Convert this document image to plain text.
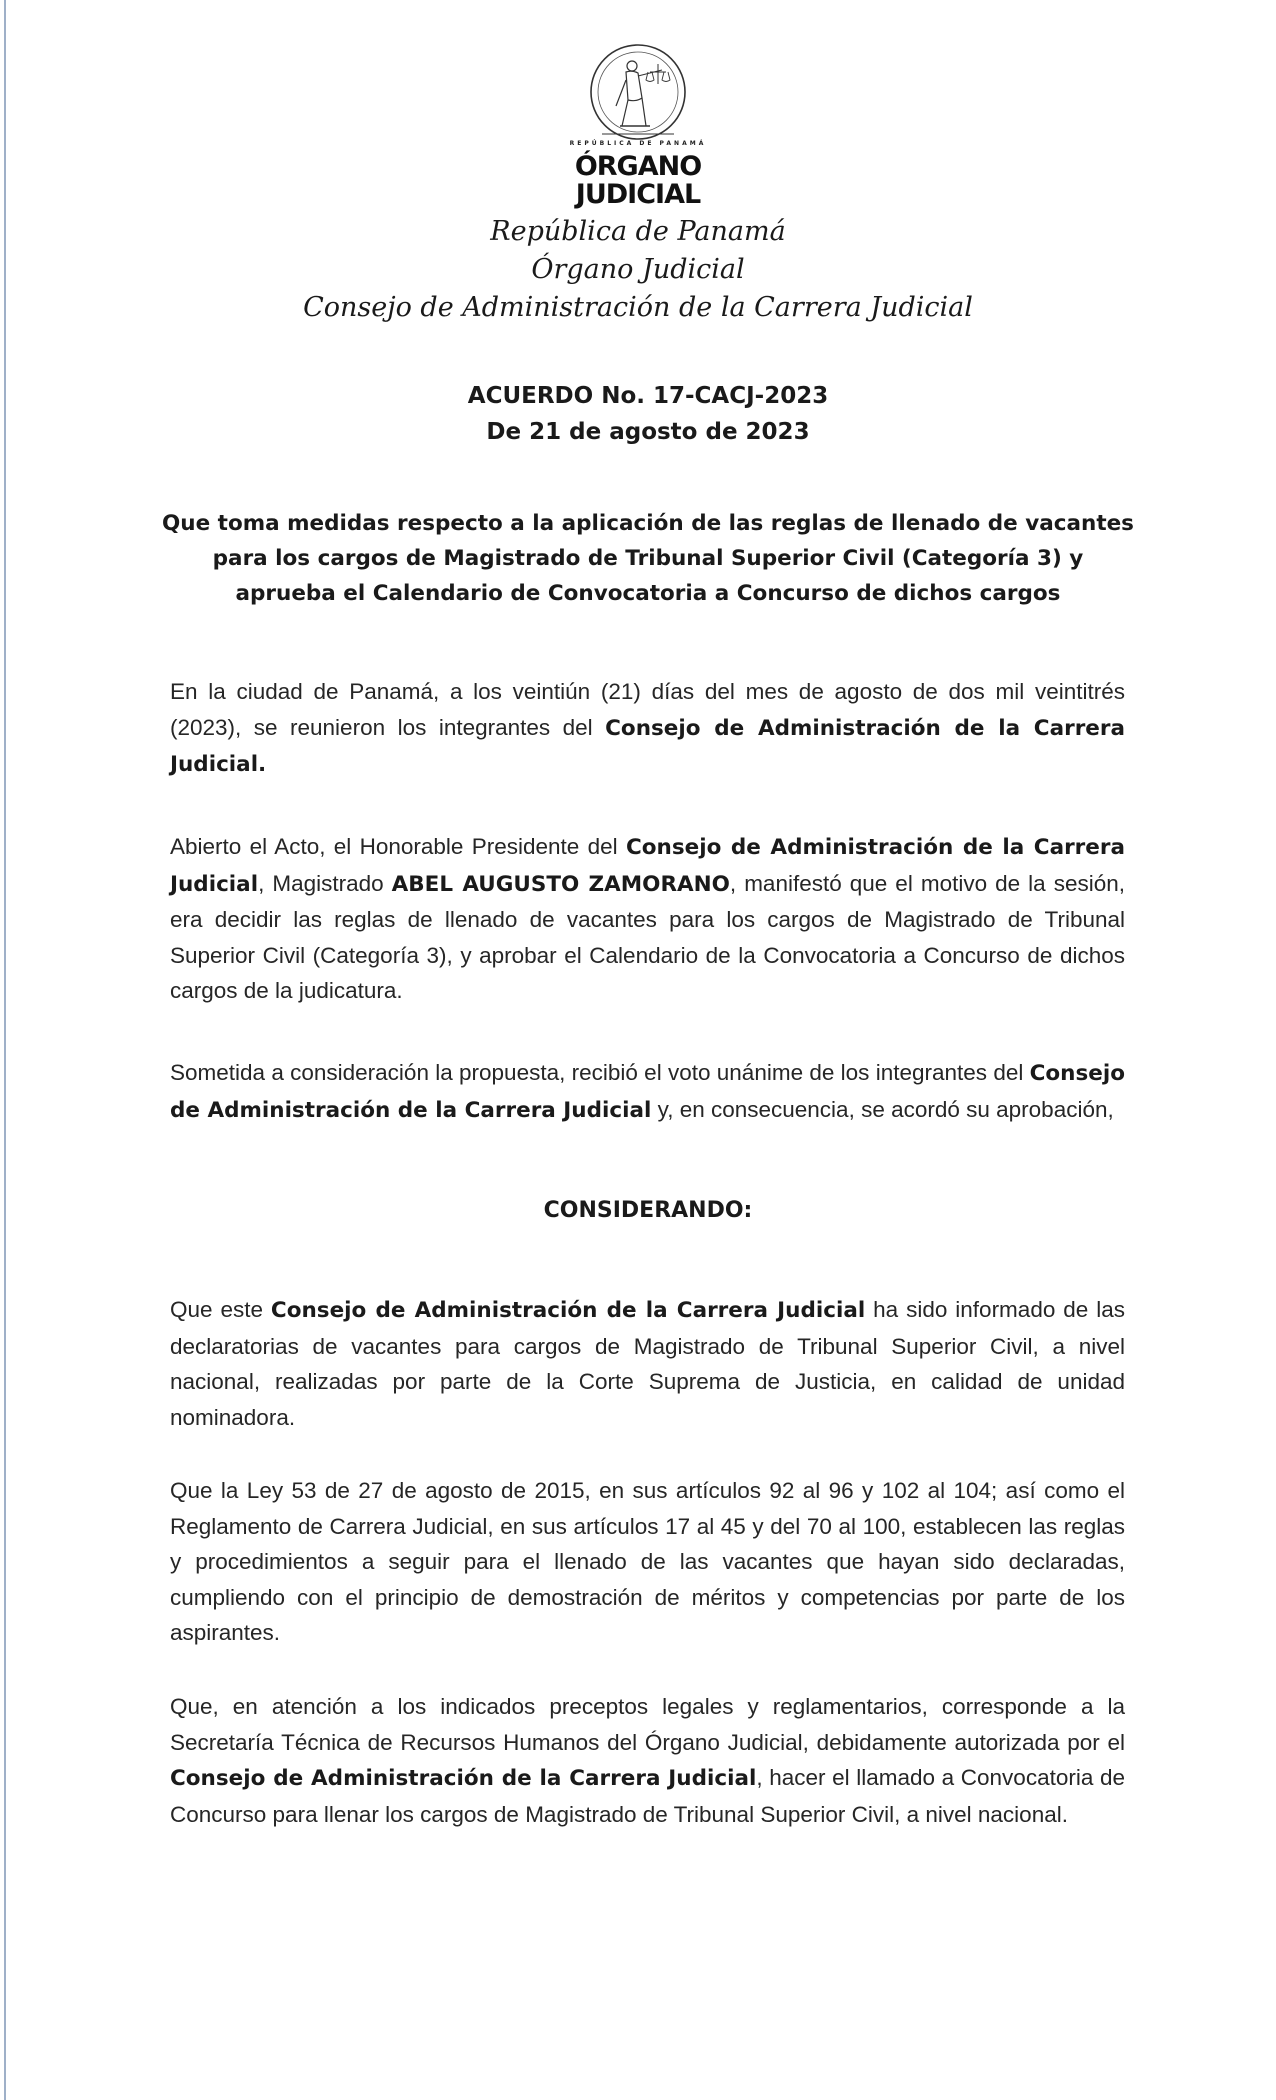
REPÚBLICA DE PANAMÁ
ÓRGANO
JUDICIAL
República de Panamá
Órgano Judicial
Consejo de Administración de la Carrera Judicial
ACUERDO No. 17-CACJ-2023
De 21 de agosto de 2023
Que toma medidas respecto a la aplicación de las reglas de llenado de vacantes
para los cargos de Magistrado de Tribunal Superior Civil (Categoría 3) y
aprueba el Calendario de Convocatoria a Concurso de dichos cargos
En la ciudad de Panamá, a los veintiún (21) días del mes de agosto de dos mil veintitrés (2023), se reunieron los integrantes del Consejo de Administración de la Carrera Judicial.
Abierto el Acto, el Honorable Presidente del Consejo de Administración de la Carrera Judicial, Magistrado ABEL AUGUSTO ZAMORANO, manifestó que el motivo de la sesión, era decidir las reglas de llenado de vacantes para los cargos de Magistrado de Tribunal Superior Civil (Categoría 3), y aprobar el Calendario de la Convocatoria a Concurso de dichos cargos de la judicatura.
Sometida a consideración la propuesta, recibió el voto unánime de los integrantes del Consejo de Administración de la Carrera Judicial y, en consecuencia, se acordó su aprobación,
CONSIDERANDO:
Que este Consejo de Administración de la Carrera Judicial ha sido informado de las declaratorias de vacantes para cargos de Magistrado de Tribunal Superior Civil, a nivel nacional, realizadas por parte de la Corte Suprema de Justicia, en calidad de unidad nominadora.
Que la Ley 53 de 27 de agosto de 2015, en sus artículos 92 al 96 y 102 al 104; así como el Reglamento de Carrera Judicial, en sus artículos 17 al 45 y del 70 al 100, establecen las reglas y procedimientos a seguir para el llenado de las vacantes que hayan sido declaradas, cumpliendo con el principio de demostración de méritos y competencias por parte de los aspirantes.
Que, en atención a los indicados preceptos legales y reglamentarios, corresponde a la Secretaría Técnica de Recursos Humanos del Órgano Judicial, debidamente autorizada por el Consejo de Administración de la Carrera Judicial, hacer el llamado a Convocatoria de Concurso para llenar los cargos de Magistrado de Tribunal Superior Civil, a nivel nacional.
